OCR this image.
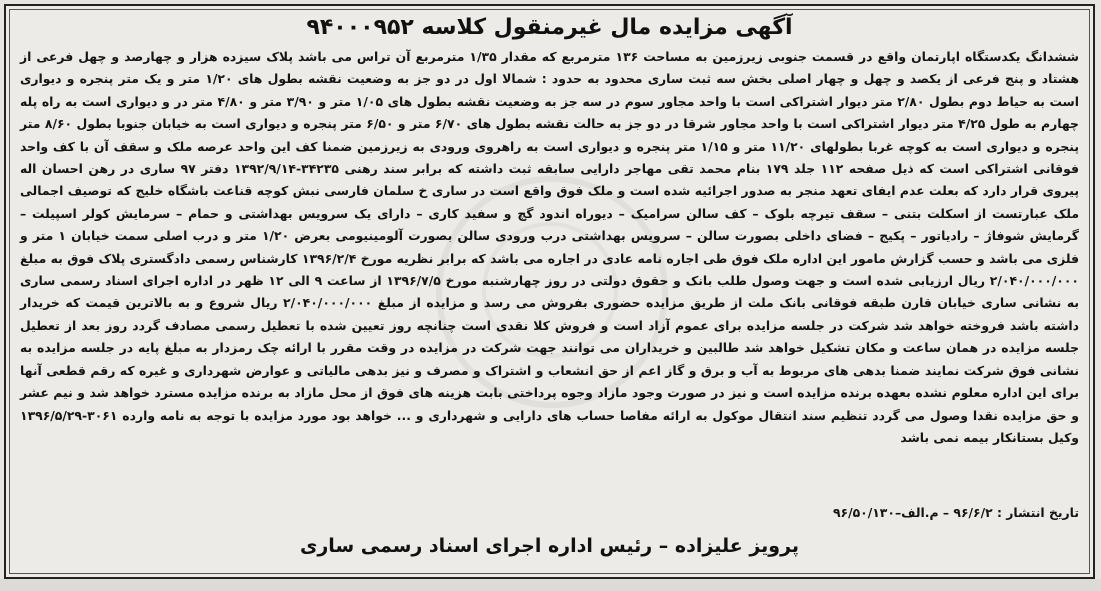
آگهی مزایده مال غیرمنقول کلاسه ۹۴۰۰۰۹۵۲

ششدانگ یکدستگاه اپارتمان واقع در قسمت جنوبی زیرزمین به مساحت ۱۳۶ مترمربع که مقدار ۱/۳۵ مترمربع آن تراس می باشد پلاک سیزده هزار و چهارصد و چهل فرعی از هشتاد و پنج فرعی از یکصد و چهل و چهار اصلی بخش سه ثبت ساری محدود به حدود : شمالا اول در دو جز به وضعیت نقشه بطول های ۱/۲۰ متر و یک متر پنجره و دیواری است به حیاط دوم بطول ۲/۸۰ متر دیوار اشتراکی است با واحد مجاور سوم در سه جز به وضعیت نقشه بطول های ۱/۰۵ متر و ۳/۹۰ متر و ۴/۸۰ متر در و دیواری است به راه پله چهارم به طول ۴/۲۵ متر دیوار اشتراکی است با واحد مجاور شرقا در دو جز به حالت نقشه بطول های ۶/۷۰ متر و ۶/۵۰ متر پنجره و دیواری است به خیابان جنوبا بطول ۸/۶۰ متر پنجره و دیواری است به کوچه غربا بطولهای ۱۱/۲۰ متر و ۱/۱۵ متر پنجره و دیواری است به راهروی ورودی به زیرزمین ضمنا کف این واحد عرصه ملک و سقف آن با کف واحد فوقانی اشتراکی است که ذیل صفحه ۱۱۲ جلد ۱۷۹ بنام محمد تقی مهاجر دارایی سابقه ثبت داشته که برابر سند رهنی ۳۴۲۳۵-۱۳۹۲/۹/۱۴ دفتر ۹۷ ساری در رهن احسان اله پیروی قرار دارد که بعلت عدم ایفای تعهد منجر به صدور اجرائیه شده است و ملک فوق واقع است در ساری خ سلمان فارسی نبش کوچه قناعت باشگاه خلیج که توصیف اجمالی ملک عبارتست از اسکلت بتنی – سقف تیرچه بلوک – کف سالن سرامیک – دیوراه اندود گچ و سفید کاری – دارای یک سرویس بهداشتی و حمام – سرمایش کولر اسپیلت – گرمایش شوفاژ – رادیاتور – پکیج – فضای داخلی بصورت سالن – سرویس بهداشتی درب ورودی سالن بصورت آلومینیومی بعرض ۱/۲۰ متر و درب اصلی سمت خیابان ۱ متر و فلزی می باشد و حسب گزارش مامور این اداره ملک فوق طی اجاره نامه عادی در اجاره می باشد که برابر نظریه مورخ ۱۳۹۶/۲/۴ کارشناس رسمی دادگستری پلاک فوق به مبلغ ۲/۰۴۰/۰۰۰/۰۰۰ ریال ارزیابی شده است و جهت وصول طلب بانک و حقوق دولتی در روز چهارشنبه مورخ ۱۳۹۶/۷/۵ از ساعت ۹ الی ۱۲ ظهر در اداره اجرای اسناد رسمی ساری به نشانی ساری خیابان قارن طبقه فوقانی بانک ملت از طریق مزایده حضوری بفروش می رسد و مزایده از مبلغ ۲/۰۴۰/۰۰۰/۰۰۰ ریال شروع و به بالاترین قیمت که خریدار داشته باشد فروخته خواهد شد شرکت در جلسه مزایده برای عموم آزاد است و فروش کلا نقدی است چنانچه روز تعیین شده با تعطیل رسمی مصادف گردد روز بعد از تعطیل جلسه مزایده در همان ساعت و مکان تشکیل خواهد شد طالبین و خریداران می توانند جهت شرکت در مزایده در وقت مقرر با ارائه چک رمزدار به مبلغ پایه در جلسه مزایده به نشانی فوق شرکت نمایند ضمنا بدهی های مربوط به آب و برق و گاز اعم از حق انشعاب و اشتراک و مصرف و نیز بدهی مالیاتی و عوارض شهرداری و غیره که رقم قطعی آنها برای این اداره معلوم نشده بعهده برنده مزایده است و نیز در صورت وجود مازاد وجوه پرداختی بابت هزینه های فوق از محل مازاد به برنده مزایده مسترد خواهد شد و نیم عشر و حق مزایده نقدا وصول می گردد تنظیم سند انتقال موکول به ارائه مفاصا حساب های دارایی و شهرداری و ... خواهد بود مورد مزایده با توجه به نامه وارده ۳۰۶۱-۱۳۹۶/۵/۲۹ وکیل بستانکار بیمه نمی باشد

تاریخ انتشار : ۹۶/۶/۲ – م.الف–۹۶/۵۰/۱۳۰

پرویز علیزاده – رئیس اداره اجرای اسناد رسمی ساری
